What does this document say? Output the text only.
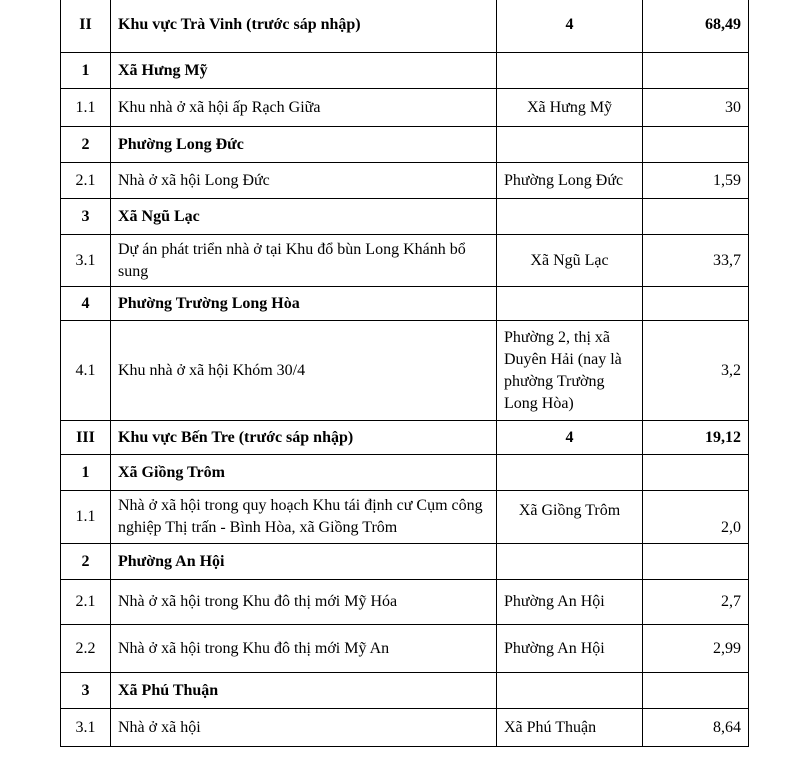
II	Khu vực Trà Vinh (trước sáp nhập)	4	68,49
1	Xã Hưng Mỹ		
1.1	Khu nhà ở xã hội ấp Rạch Giữa	Xã Hưng Mỹ	30
2	Phường Long Đức		
2.1	Nhà ở xã hội Long Đức	Phường Long Đức	1,59
3	Xã Ngũ Lạc		
3.1	Dự án phát triển nhà ở tại Khu đổ bùn Long Khánh bổ sung	Xã Ngũ Lạc	33,7
4	Phường Trường Long Hòa		
4.1	Khu nhà ở xã hội Khóm 30/4	Phường 2, thị xã Duyên Hải (nay là phường Trường Long Hòa)	3,2
III	Khu vực Bến Tre (trước sáp nhập)	4	19,12
1	Xã Giồng Trôm		
1.1	Nhà ở xã hội trong quy hoạch Khu tái định cư Cụm công nghiệp Thị trấn - Bình Hòa, xã Giồng Trôm	Xã Giồng Trôm	2,0
2	Phường An Hội		
2.1	Nhà ở xã hội trong Khu đô thị mới Mỹ Hóa	Phường An Hội	2,7
2.2	Nhà ở xã hội trong Khu đô thị mới Mỹ An	Phường An Hội	2,99
3	Xã Phú Thuận		
3.1	Nhà ở xã hội	Xã Phú Thuận	8,64
